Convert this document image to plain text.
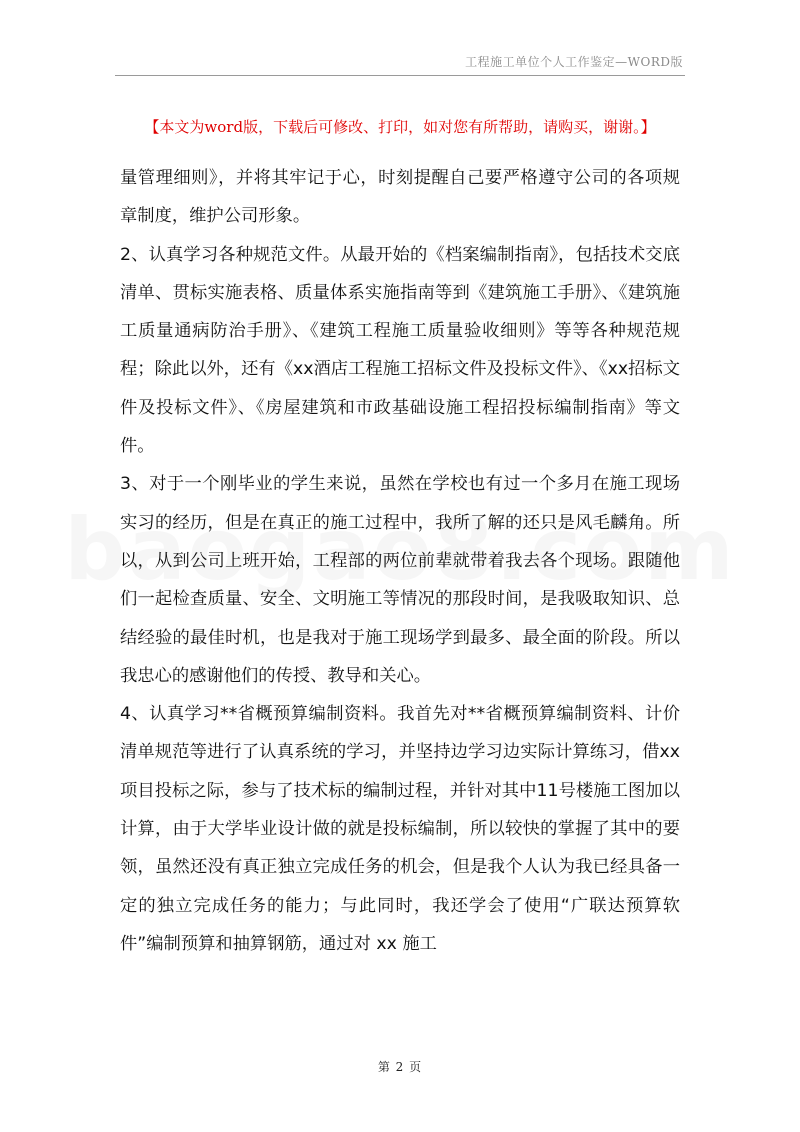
工程施工单位个人工作鉴定—WORD版
【本文为word版，下载后可修改、打印，如对您有所帮助，请购买，谢谢。】

量管理细则》，并将其牢记于心，时刻提醒自己要严格遵守公司的各项规章制度，维护公司形象。

2、认真学习各种规范文件。从最开始的《档案编制指南》，包括技术交底清单、贯标实施表格、质量体系实施指南等到《建筑施工手册》、《建筑施工质量通病防治手册》、《建筑工程施工质量验收细则》等等各种规范规程；除此以外，还有《xx酒店工程施工招标文件及投标文件》、《xx招标文件及投标文件》、《房屋建筑和市政基础设施工程招投标编制指南》等文件。

3、对于一个刚毕业的学生来说，虽然在学校也有过一个多月在施工现场实习的经历，但是在真正的施工过程中，我所了解的还只是风毛麟角。所以，从到公司上班开始，工程部的两位前辈就带着我去各个现场。跟随他们一起检查质量、安全、文明施工等情况的那段时间，是我吸取知识、总结经验的最佳时机，也是我对于施工现场学到最多、最全面的阶段。所以我忠心的感谢他们的传授、教导和关心。

4、认真学习**省概预算编制资料。我首先对**省概预算编制资料、计价清单规范等进行了认真系统的学习，并坚持边学习边实际计算练习，借xx项目投标之际，参与了技术标的编制过程，并针对其中11号楼施工图加以计算，由于大学毕业设计做的就是投标编制，所以较快的掌握了其中的要领，虽然还没有真正独立完成任务的机会，但是我个人认为我已经具备一定的独立完成任务的能力；与此同时，我还学会了使用“广联达预算软件”编制预算和抽算钢筋，通过对 xx 施工

第 2 页
